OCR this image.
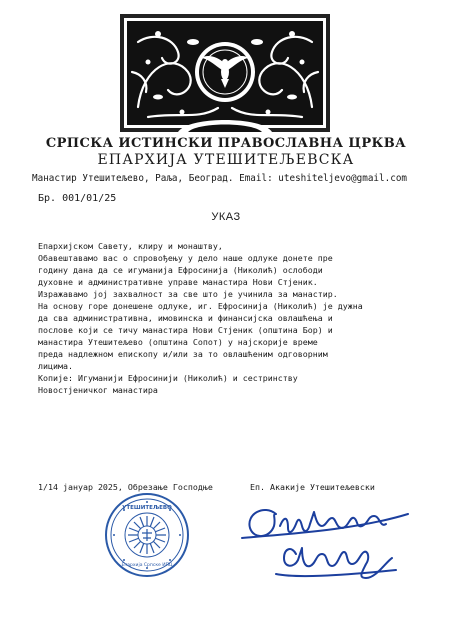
СРПСКА ИСТИНСКИ ПРАВОСЛАВНА ЦРКВА
ЕПАРХИЈА УТЕШИТЕЉЕВСКА
Манастир Утешитељево, Раља, Београд. Email: uteshiteljevo@gmail.com
Бр. 001/01/25
УКАЗ

Епархијском Савету, клиру и монаштву,

Обавештавамо вас о спровођењу у дело наше одлуке донете пре

годину дана да се игуманија Ефросинија (Николић) ослободи

духовне и административне управе манастира Нови Стјеник.

Изражавамо јој захвалност за све што је учинила за манастир.

На основу горе донешене одлуке, иг. Ефросинија (Николић) је дужна

да сва административна, имовинска и финансијска овлашћења и

послове који се тичу манастира Нови Стјеник (општина Бор) и

манастира Утешитељево (општина Сопот) у најскорије време

преда надлежном епископу и/или за то овлашћеним одговорним

лицима.

Копије: Игуманији Ефросинији (Николић) и сестринству

Новостјеничког манастира

1/14 јануар 2025, Обрезање Господње	Еп. Акакије Утешитељевски
УТЕШИТЕЉЕВО
Епархија Српске ИПЦ
